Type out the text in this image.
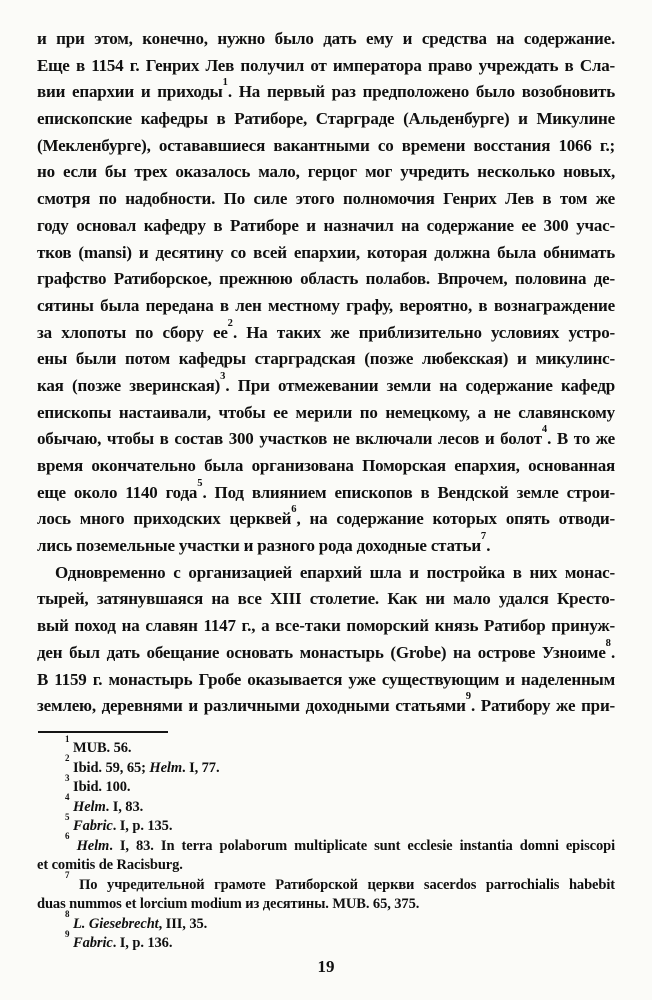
и при этом, конечно, нужно было дать ему и средства на содержание.
Еще в 1154 г. Генрих Лев получил от императора право учреждать в Сла-
вии епархии и приходы$^1$. На первый раз предположено было возобновить
епископские кафедры в Ратиборе, Старграде (Альденбурге) и Микулине
(Мекленбурге), остававшиеся вакантными со времени восстания 1066 г.;
но если бы трех оказалось мало, герцог мог учредить несколько новых,
смотря по надобности. По силе этого полномочия Генрих Лев в том же
году основал кафедру в Ратиборе и назначил на содержание ее 300 учас-
тков (mansi) и десятину со всей епархии, которая должна была обнимать
графство Ратиборское, прежнюю область полабов. Впрочем, половина де-
сятины была передана в лен местному графу, вероятно, в вознаграждение
за хлопоты по сбору $ее^2$. На таких же приблизительно условиях устро-
ены были потом кафедры старградская (позже любекская) и микулинс-
кая (позже зверинская)$^3$. При отмежевании земли на содержание кафедр
епископы настаивали, чтобы ее мерили по немецкому, а не славянскому
обычаю, чтобы в состав 300 участков не включали лесов и болот$^4$. В то же
время окончательно была организована Поморская епархия, основанная
еще около 1140 года$^5$. Под влиянием епископов в Вендской земле строи-
лось много приходских церквей$^6$, на содержание которых опять отводи-
лись поземельные участки и разного рода доходные статьи$^7$.
Одновременно с организацией епархий шла и постройка в них монас-
тырей, затянувшаяся на все XIII столетие. Как ни мало удался Кресто-
вый поход на славян 1147 г., а все-таки поморский князь Ратибор принуж-
ден был дать обещание основать монастырь (Grobe) на острове Узноиме$^8$.
В 1159 г. монастырь Гробе оказывается уже существующим и наделенным
землею, деревнями и различными доходными статьями$^9$. Ратибору же при-
$^1$ MUB. 56.
$^2$ Ibid. 59, 65; Helm. I, 77.
$^3$ Ibid. 100.
$^4$ Helm. I, 83.
$^5$ Fabric. I, p. 135.
$^6$ Helm. I, 83. In terra polaborum multiplicate sunt ecclesie instantia domni episcopi
et comitis de Racisburg.
$^7$ По учредительной грамоте Ратиборской церкви sacerdos parrochialis habebit
duas nummos et lorcium modium из десятины. MUB. 65, 375.
$^8$ L. Giesebrecht, III, 35.
$^9$ Fabric. I, p. 136.
19
